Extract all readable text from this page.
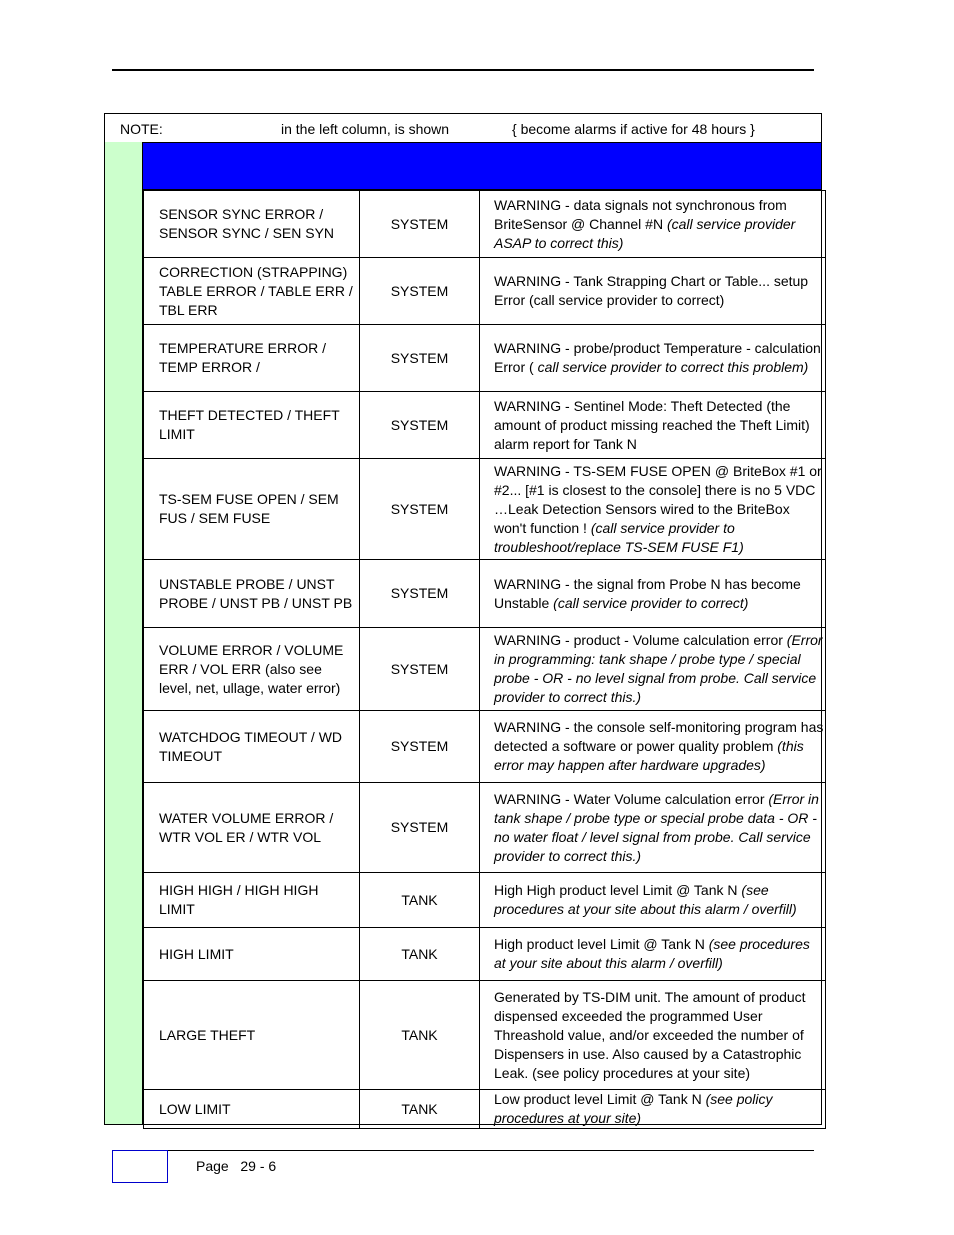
NOTE:	in the left column, is shown	{ become alarms if active for 48 hours }
SENSOR SYNC ERROR / SENSOR SYNC / SEN SYN	SYSTEM	WARNING - data signals not synchronous from BriteSensor @ Channel #N (call service provider ASAP to correct this)

CORRECTION (STRAPPING) TABLE ERROR / TABLE ERR / TBL ERR	SYSTEM	WARNING - Tank Strapping Chart or Table... setup Error (call service provider to correct)

TEMPERATURE ERROR / TEMP ERROR /	SYSTEM	WARNING - probe/product Temperature - calculation Error ( call service provider to correct this problem)

THEFT DETECTED / THEFT LIMIT	SYSTEM	WARNING - Sentinel Mode: Theft Detected (the amount of product missing reached the Theft Limit) alarm report for Tank N

TS-SEM FUSE OPEN / SEM FUS / SEM FUSE	SYSTEM	WARNING - TS-SEM FUSE OPEN @ BriteBox #1 or #2... [#1 is closest to the console] there is no 5 VDC …Leak Detection Sensors wired to the BriteBox won't function ! (call service provider to troubleshoot/replace TS-SEM FUSE F1)

UNSTABLE PROBE / UNST PROBE / UNST PB / UNST PB	SYSTEM	WARNING - the signal from Probe N has become Unstable (call service provider to correct)

VOLUME ERROR / VOLUME ERR / VOL ERR (also see level, net, ullage, water error)	SYSTEM	WARNING - product - Volume calculation error (Error in programming: tank shape / probe type / special probe - OR - no level signal from probe. Call service provider to correct this.)

WATCHDOG TIMEOUT / WD TIMEOUT	SYSTEM	WARNING - the console self-monitoring program has detected a software or power quality problem (this error may happen after hardware upgrades)

WATER VOLUME ERROR / WTR VOL ER / WTR VOL	SYSTEM	WARNING - Water Volume calculation error (Error in tank shape / probe type or special probe data - OR - no water float / level signal from probe. Call service provider to correct this.)

HIGH HIGH / HIGH HIGH LIMIT	TANK	High High product level Limit @ Tank N (see procedures at your site about this alarm / overfill)

HIGH LIMIT	TANK	High product level Limit @ Tank N (see procedures at your site about this alarm / overfill)

LARGE THEFT	TANK	Generated by TS-DIM unit. The amount of product dispensed exceeded the programmed User Threashold value, and/or exceeded the number of Dispensers in use. Also caused by a Catastrophic Leak. (see policy procedures at your site)

LOW LIMIT	TANK	Low product level Limit @ Tank N (see policy procedures at your site)
Page 29 - 6
